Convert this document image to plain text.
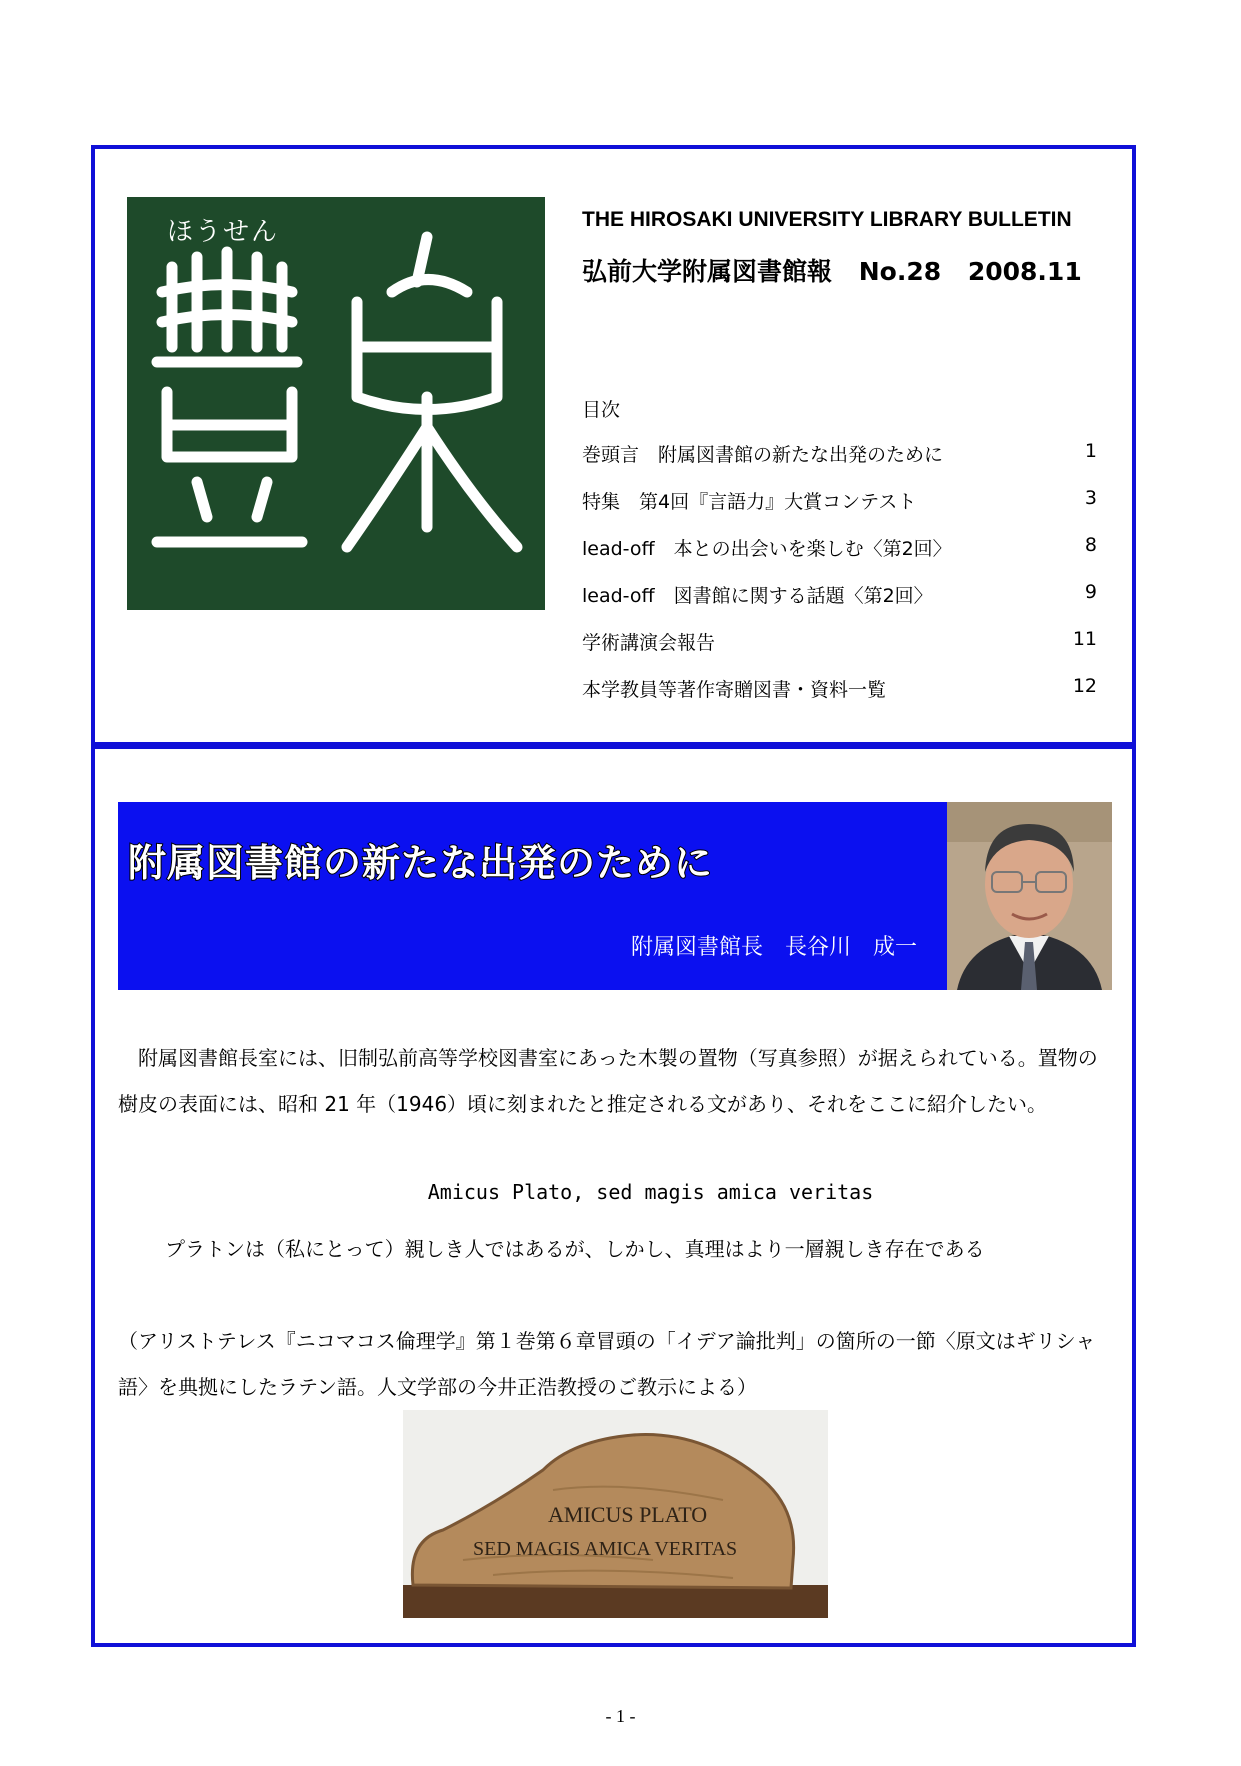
ほうせん	THE HIROSAKI UNIVERSITY LIBRARY BULLETIN
弘前大学附属図書館報 No.28 2008.11
目次
巻頭言　附属図書館の新たな出発のために	1
特集　第4回『言語力』大賞コンテスト	3
lead-off　本との出会いを楽しむ〈第2回〉	8
lead-off　図書館に関する話題〈第2回〉	9
学術講演会報告	11
本学教員等著作寄贈図書・資料一覧	12
附属図書館の新たな出発のために
附属図書館長　長谷川　成一
　附属図書館長室には、旧制弘前高等学校図書室にあった木製の置物（写真参照）が据えられている。置物の樹皮の表面には、昭和 21 年（1946）頃に刻まれたと推定される文があり、それをここに紹介したい。
Amicus Plato, sed magis amica veritas
プラトンは（私にとって）親しき人ではあるが、しかし、真理はより一層親しき存在である
（アリストテレス『ニコマコス倫理学』第１巻第６章冒頭の「イデア論批判」の箇所の一節〈原文はギリシャ語〉を典拠にしたラテン語。人文学部の今井正浩教授のご教示による）
AMICUS PLATO
SED MAGIS AMICA VERITAS
- 1 -
